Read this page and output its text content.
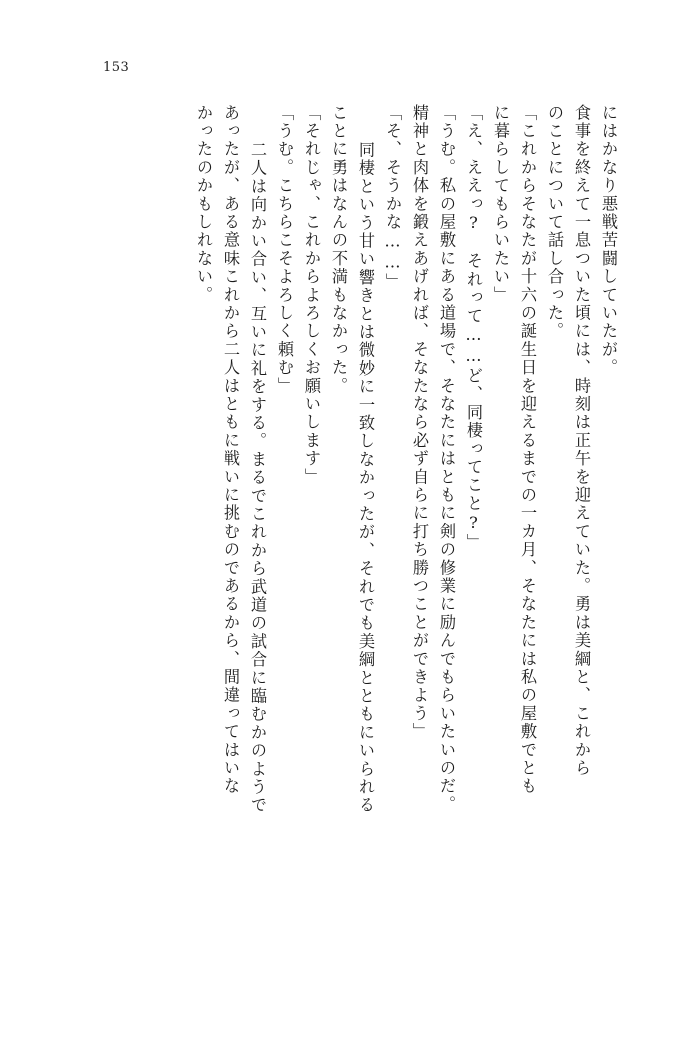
153
にはかなり悪戦苦闘していたが。
食事を終えて一息ついた頃には、時刻は正午を迎えていた。勇は美綱と、これから
のことについて話し合った。
「これからそなたが十六の誕生日を迎えるまでの一カ月、そなたには私の屋敷でとも
に暮らしてもらいたい」
「え、ええっ?　それって……ど、同棲ってこと?」
「うむ。私の屋敷にある道場で、そなたにはともに剣の修業に励んでもらいたいのだ。
精神と肉体を鍛えあげれば、そなたなら必ず自らに打ち勝つことができよう」
「そ、そうかな……」
　同棲という甘い響きとは微妙に一致しなかったが、それでも美綱とともにいられる
ことに勇はなんの不満もなかった。
「それじゃ、これからよろしくお願いします」
「うむ。こちらこそよろしく頼む」
　二人は向かい合い、互いに礼をする。まるでこれから武道の試合に臨むかのようで
あったが、ある意味これから二人はともに戦いに挑むのであるから、間違ってはいな
かったのかもしれない。
